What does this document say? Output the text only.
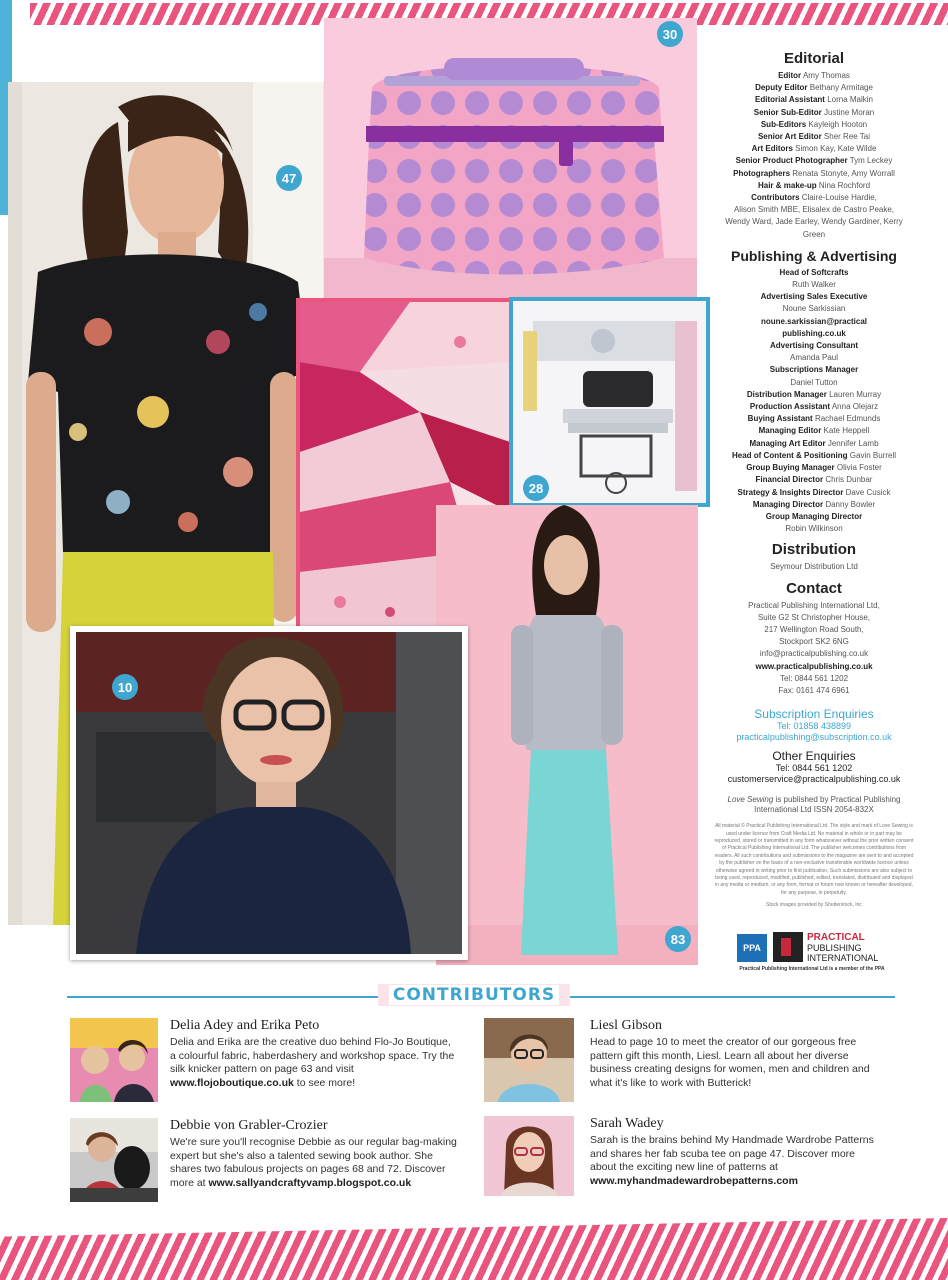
47
30
28
83
10
Editorial
Editor Amy Thomas
Deputy Editor Bethany Armitage
Editorial Assistant Lorna Malkin
Senior Sub-Editor Justine Moran
Sub-Editors Kayleigh Hooton
Senior Art Editor Sher Ree Tai
Art Editors Simon Kay, Kate Wilde
Senior Product Photographer Tym Leckey
Photographers Renata Stonyte, Amy Worrall
Hair & make-up Nina Rochford
Contributors Claire-Louise Hardie,
Alison Smith MBE, Elisalex de Castro Peake,
Wendy Ward, Jade Earley, Wendy Gardiner, Kerry Green
Publishing & Advertising
Head of Softcrafts
Ruth Walker
Advertising Sales Executive
Noune Sarkissian
noune.sarkissian@practical
publishing.co.uk
Advertising Consultant
Amanda Paul
Subscriptions Manager
Daniel Tutton
Distribution Manager Lauren Murray
Production Assistant Anna Olejarz
Buying Assistant Rachael Edmunds
Managing Editor Kate Heppell
Managing Art Editor Jennifer Lamb
Head of Content & Positioning Gavin Burrell
Group Buying Manager Olivia Foster
Financial Director Chris Dunbar
Strategy & Insights Director Dave Cusick
Managing Director Danny Bowler
Group Managing Director
Robin Wilkinson
Distribution
Seymour Distribution Ltd
Contact
Practical Publishing International Ltd,
Suite G2 St Christopher House,
217 Wellington Road South,
Stockport SK2 6NG
info@practicalpublishing.co.uk
www.practicalpublishing.co.uk
Tel: 0844 561 1202
Fax: 0161 474 6961
Subscription Enquiries
Tel: 01858 438899
practicalpublishing@subscription.co.uk
Other Enquiries
Tel: 0844 561 1202
customerservice@practicalpublishing.co.uk
Love Sewing is published by Practical Publishing
International Ltd ISSN 2054-832X
All material © Practical Publishing International Ltd. The style and mark of Love Sewing is used under licence from Craft Media Ltd. No material in whole or in part may be reproduced, stored or transmitted in any form whatsoever without the prior written consent of Practical Publishing International Ltd. The publisher welcomes contributions from readers. All such contributions and submissions to the magazine are sent to and accepted by the publisher on the basis of a non-exclusive transferable worldwide licence unless otherwise agreed in writing prior to first publication. Such submissions are also subject to being used, reproduced, modified, published, edited, translated, distributed and displayed in any media or medium, or any form, format or forum now known or hereafter developed, for any purpose, in perpetuity.
Stock images provided by Shutterstock, Inc
PPA
PRACTICAL
PUBLISHING
INTERNATIONAL
Practical Publishing International Ltd is a member of the PPA
CONTRIBUTORS
Delia Adey and Erika Peto
Delia and Erika are the creative duo behind Flo-Jo Boutique, a colourful fabric, haberdashery and workshop space. Try the silk knicker pattern on page 63 and visit www.flojoboutique.co.uk to see more!
Debbie von Grabler-Crozier
We're sure you'll recognise Debbie as our regular bag-making expert but she's also a talented sewing book author. She shares two fabulous projects on pages 68 and 72. Discover more at www.sallyandcraftyvamp.blogspot.co.uk
Liesl Gibson
Head to page 10 to meet the creator of our gorgeous free pattern gift this month, Liesl. Learn all about her diverse business creating designs for women, men and children and what it's like to work with Butterick!
Sarah Wadey
Sarah is the brains behind My Handmade Wardrobe Patterns and shares her fab scuba tee on page 47. Discover more about the exciting new line of patterns at
www.myhandmadewardrobepatterns.com
